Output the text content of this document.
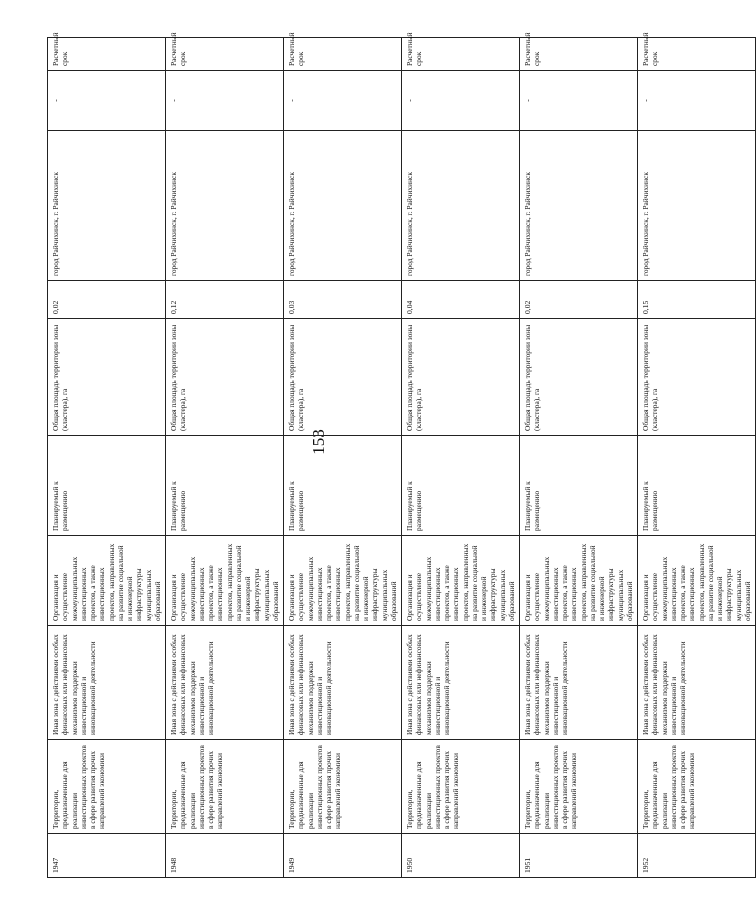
153
1947	Территории, предназначенные для реализации инвестиционных проектов в сфере развития прочих направлений экономики	Иная зона с действиями особых финансовых или нефинансовых механизмов поддержки инвестиционной и инновационной деятельности	Организация и осуществление межмуниципальных инвестиционных проектов, а также инвестиционных проектов, направленных на развитие социальной и инженерной инфраструктуры муниципальных образований	Планируемый к размещению	Общая площадь территории зоны (кластера), га	0,02	город Райчихинск, г. Райчихинск	-	Расчетный срок
1948	Территории, предназначенные для реализации инвестиционных проектов в сфере развития прочих направлений экономики	Иная зона с действиями особых финансовых или нефинансовых механизмов поддержки инвестиционной и инновационной деятельности	Организация и осуществление межмуниципальных инвестиционных проектов, а также инвестиционных проектов, направленных на развитие социальной и инженерной инфраструктуры муниципальных образований	Планируемый к размещению	Общая площадь территории зоны (кластера), га	0,12	город Райчихинск, г. Райчихинск	-	Расчетный срок
1949	Территории, предназначенные для реализации инвестиционных проектов в сфере развития прочих направлений экономики	Иная зона с действиями особых финансовых или нефинансовых механизмов поддержки инвестиционной и инновационной деятельности	Организация и осуществление межмуниципальных инвестиционных проектов, а также инвестиционных проектов, направленных на развитие социальной и инженерной инфраструктуры муниципальных образований	Планируемый к размещению	Общая площадь территории зоны (кластера), га	0,03	город Райчихинск, г. Райчихинск	-	Расчетный срок
1950	Территории, предназначенные для реализации инвестиционных проектов в сфере развития прочих направлений экономики	Иная зона с действиями особых финансовых или нефинансовых механизмов поддержки инвестиционной и инновационной деятельности	Организация и осуществление межмуниципальных инвестиционных проектов, а также инвестиционных проектов, направленных на развитие социальной и инженерной инфраструктуры муниципальных образований	Планируемый к размещению	Общая площадь территории зоны (кластера), га	0,04	город Райчихинск, г. Райчихинск	-	Расчетный срок
1951	Территории, предназначенные для реализации инвестиционных проектов в сфере развития прочих направлений экономики	Иная зона с действиями особых финансовых или нефинансовых механизмов поддержки инвестиционной и инновационной деятельности	Организация и осуществление межмуниципальных инвестиционных проектов, а также инвестиционных проектов, направленных на развитие социальной и инженерной инфраструктуры муниципальных образований	Планируемый к размещению	Общая площадь территории зоны (кластера), га	0,02	город Райчихинск, г. Райчихинск	-	Расчетный срок
1952	Территории, предназначенные для реализации инвестиционных проектов в сфере развития прочих направлений экономики	Иная зона с действиями особых финансовых или нефинансовых механизмов поддержки инвестиционной и инновационной деятельности	Организация и осуществление межмуниципальных инвестиционных проектов, а также инвестиционных проектов, направленных на развитие социальной и инженерной инфраструктуры муниципальных образований	Планируемый к размещению	Общая площадь территории зоны (кластера), га	0,15	город Райчихинск, г. Райчихинск	-	Расчетный срок
